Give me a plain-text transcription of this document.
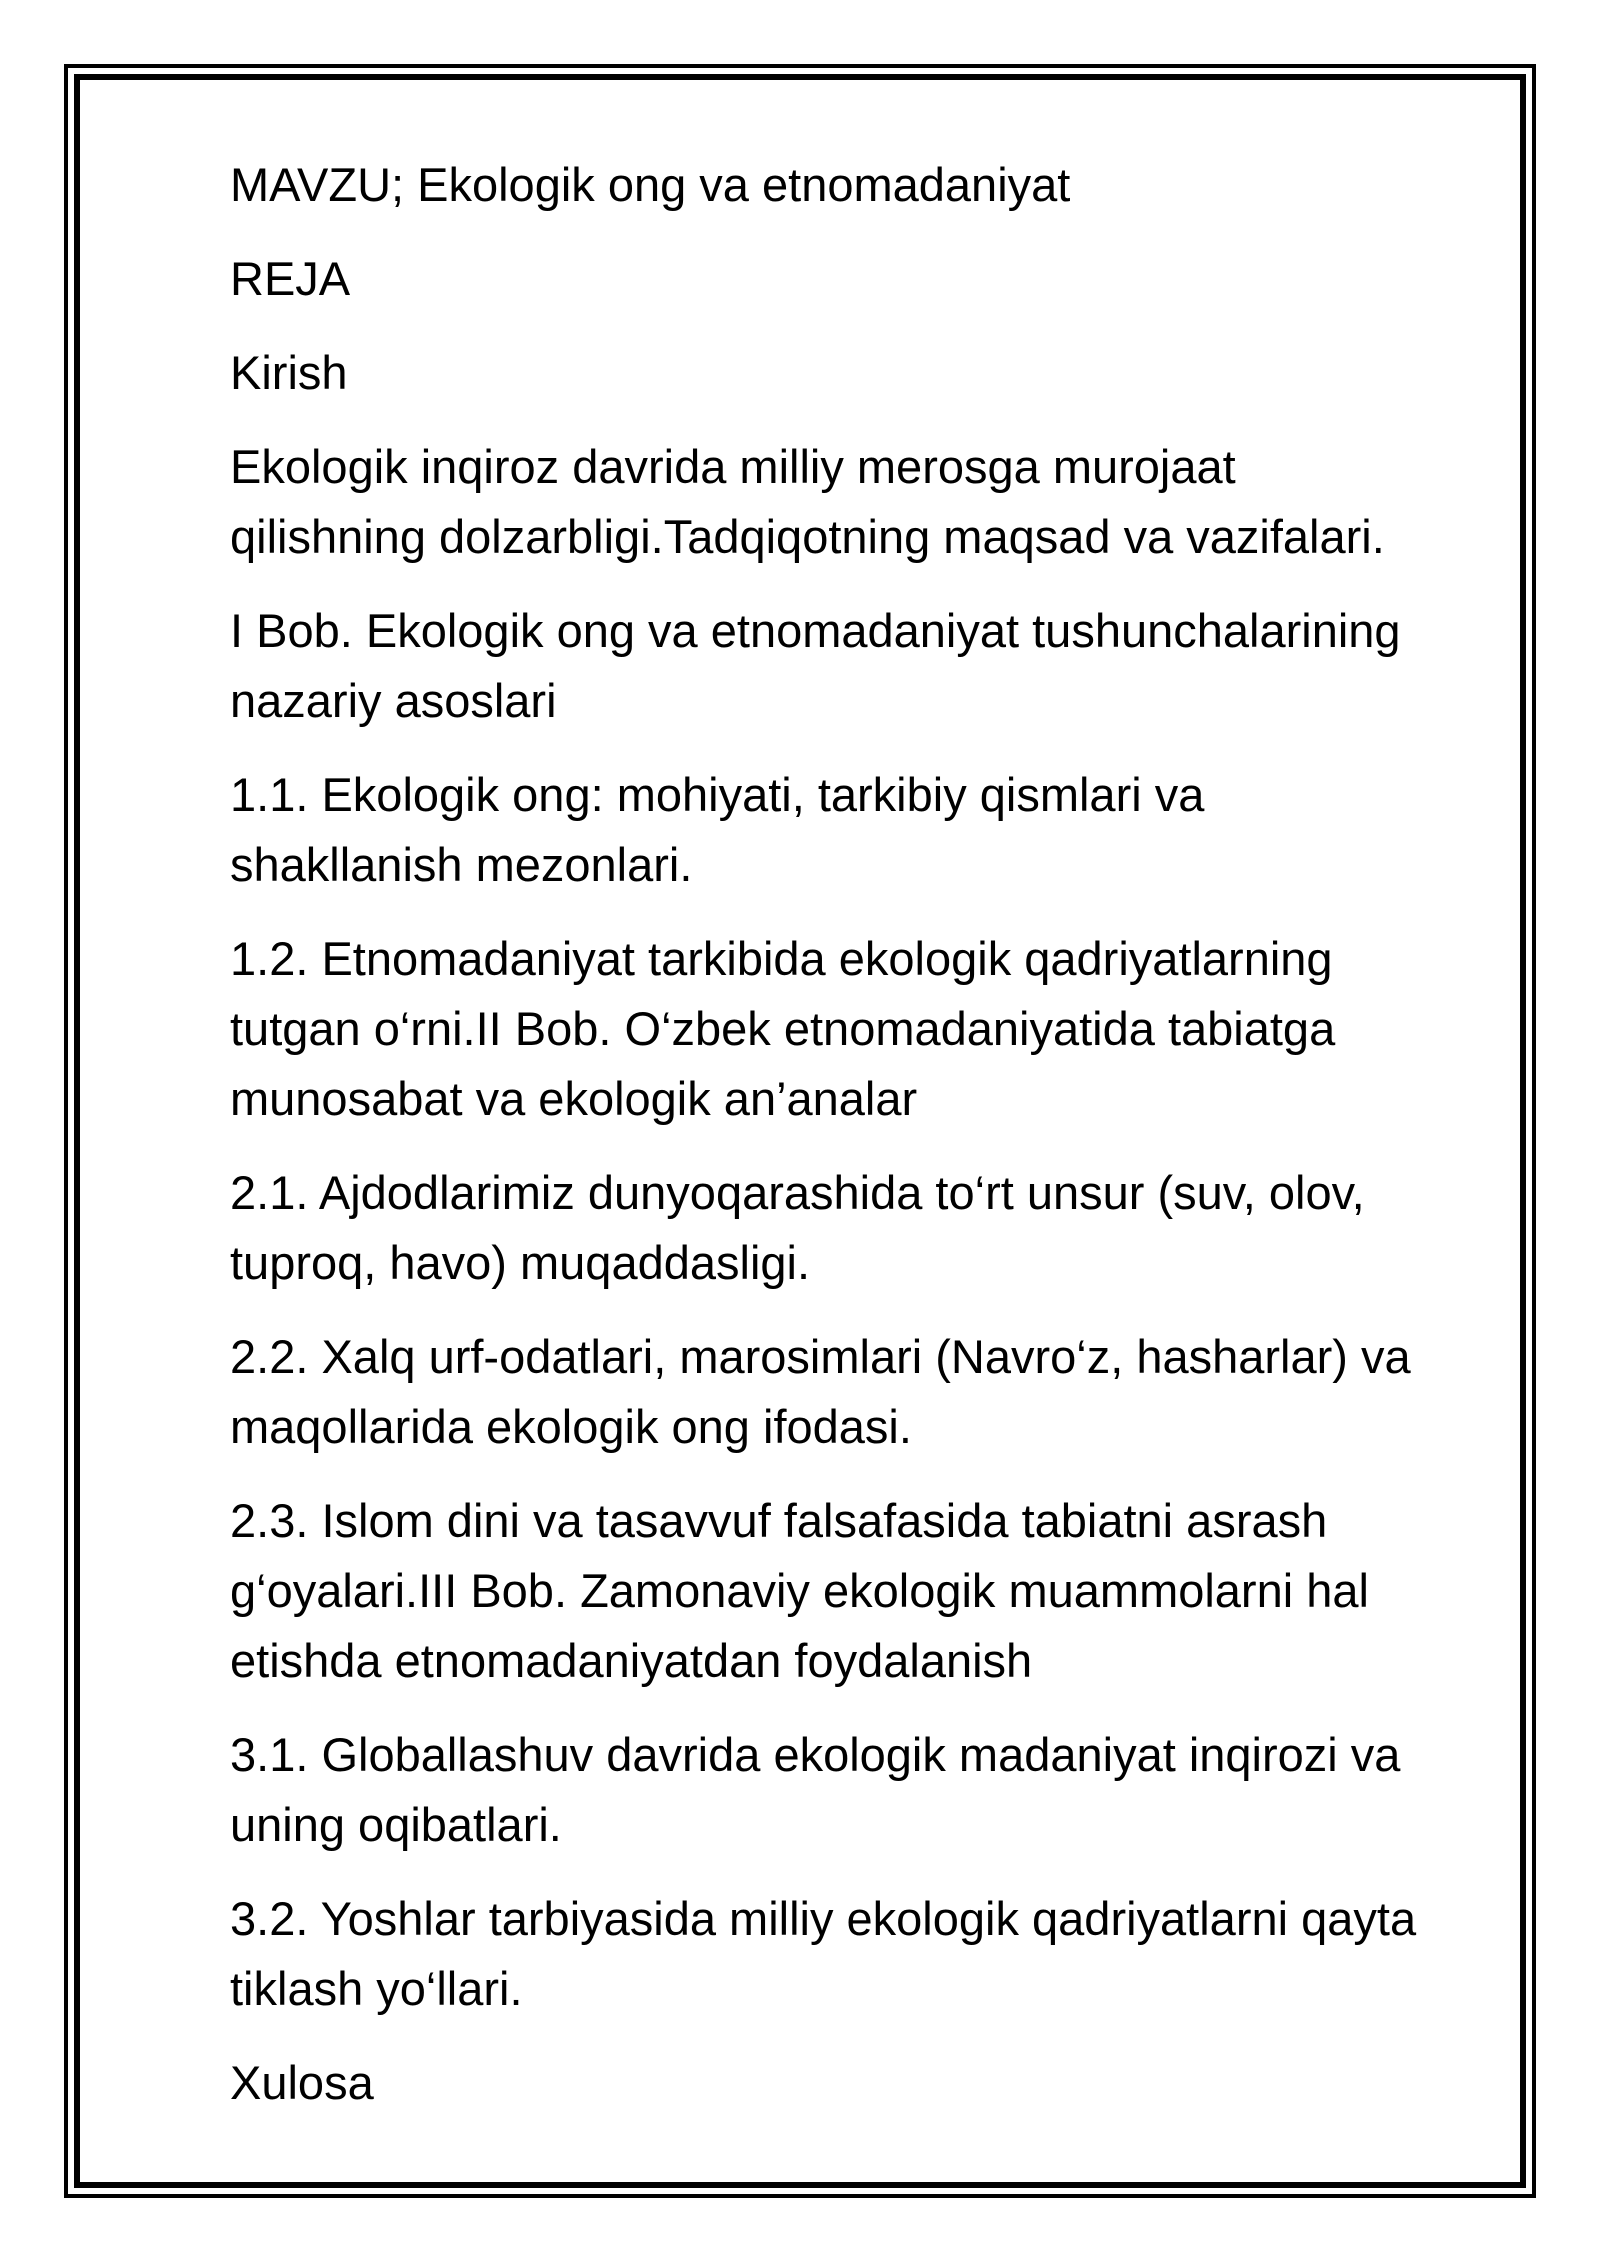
MAVZU; Ekologik ong va etnomadaniyat

REJA

Kirish

Ekologik inqiroz davrida milliy merosga murojaat
qilishning dolzarbligi.Tadqiqotning maqsad va vazifalari.

I Bob. Ekologik ong va etnomadaniyat tushunchalarining
nazariy asoslari

1.1. Ekologik ong: mohiyati, tarkibiy qismlari va
shakllanish mezonlari.

1.2. Etnomadaniyat tarkibida ekologik qadriyatlarning
tutgan o‘rni.II Bob. O‘zbek etnomadaniyatida tabiatga
munosabat va ekologik an’analar

2.1. Ajdodlarimiz dunyoqarashida to‘rt unsur (suv, olov,
tuproq, havo) muqaddasligi.

2.2. Xalq urf-odatlari, marosimlari (Navro‘z, hasharlar) va
maqollarida ekologik ong ifodasi.

2.3. Islom dini va tasavvuf falsafasida tabiatni asrash
g‘oyalari.III Bob. Zamonaviy ekologik muammolarni hal
etishda etnomadaniyatdan foydalanish

3.1. Globallashuv davrida ekologik madaniyat inqirozi va
uning oqibatlari.

3.2. Yoshlar tarbiyasida milliy ekologik qadriyatlarni qayta
tiklash yo‘llari.

Xulosa
